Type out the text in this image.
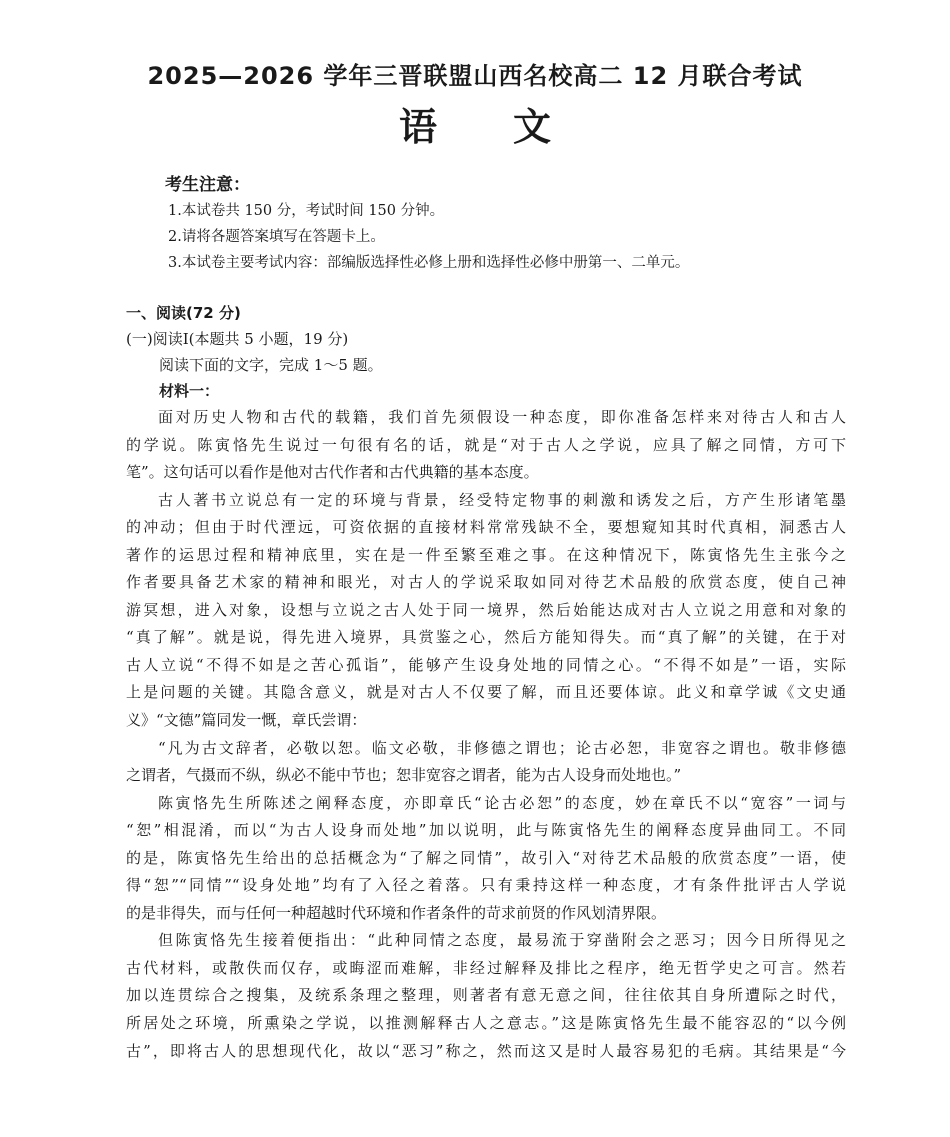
2025—2026 学年三晋联盟山西名校高二 12 月联合考试
语 文
考生注意：
1.本试卷共 150 分，考试时间 150 分钟。
2.请将各题答案填写在答题卡上。
3.本试卷主要考试内容：部编版选择性必修上册和选择性必修中册第一、二单元。
一、阅读(72 分)
(一)阅读Ⅰ(本题共 5 小题，19 分)
阅读下面的文字，完成 1～5 题。
材料一：
面对历史人物和古代的载籍，我们首先须假设一种态度，即你准备怎样来对待古人和古人
的学说。陈寅恪先生说过一句很有名的话，就是“对于古人之学说，应具了解之同情，方可下
笔”。这句话可以看作是他对古代作者和古代典籍的基本态度。
古人著书立说总有一定的环境与背景，经受特定物事的刺激和诱发之后，方产生形诸笔墨
的冲动；但由于时代湮远，可资依据的直接材料常常残缺不全，要想窥知其时代真相，洞悉古人
著作的运思过程和精神底里，实在是一件至繁至难之事。在这种情况下，陈寅恪先生主张今之
作者要具备艺术家的精神和眼光，对古人的学说采取如同对待艺术品般的欣赏态度，使自己神
游冥想，进入对象，设想与立说之古人处于同一境界，然后始能达成对古人立说之用意和对象的
“真了解”。就是说，得先进入境界，具赏鉴之心，然后方能知得失。而“真了解”的关键，在于对
古人立说“不得不如是之苦心孤诣”，能够产生设身处地的同情之心。“不得不如是”一语，实际
上是问题的关键。其隐含意义，就是对古人不仅要了解，而且还要体谅。此义和章学诚《文史通
义》“文德”篇同发一慨，章氏尝谓：
“凡为古文辞者，必敬以恕。临文必敬，非修德之谓也；论古必恕，非宽容之谓也。敬非修德
之谓者，气摄而不纵，纵必不能中节也；恕非宽容之谓者，能为古人设身而处地也。”
陈寅恪先生所陈述之阐释态度，亦即章氏“论古必恕”的态度，妙在章氏不以“宽容”一词与
“恕”相混淆，而以“为古人设身而处地”加以说明，此与陈寅恪先生的阐释态度异曲同工。不同
的是，陈寅恪先生给出的总括概念为“了解之同情”，故引入“对待艺术品般的欣赏态度”一语，使
得“恕”“同情”“设身处地”均有了入径之着落。只有秉持这样一种态度，才有条件批评古人学说
的是非得失，而与任何一种超越时代环境和作者条件的苛求前贤的作风划清界限。
但陈寅恪先生接着便指出：“此种同情之态度，最易流于穿凿附会之恶习；因今日所得见之
古代材料，或散佚而仅存，或晦涩而难解，非经过解释及排比之程序，绝无哲学史之可言。然若
加以连贯综合之搜集，及统系条理之整理，则著者有意无意之间，往往依其自身所遭际之时代，
所居处之环境，所熏染之学说，以推测解释古人之意志。”这是陈寅恪先生最不能容忍的“以今例
古”，即将古人的思想现代化，故以“恶习”称之，然而这又是时人最容易犯的毛病。其结果是“今
